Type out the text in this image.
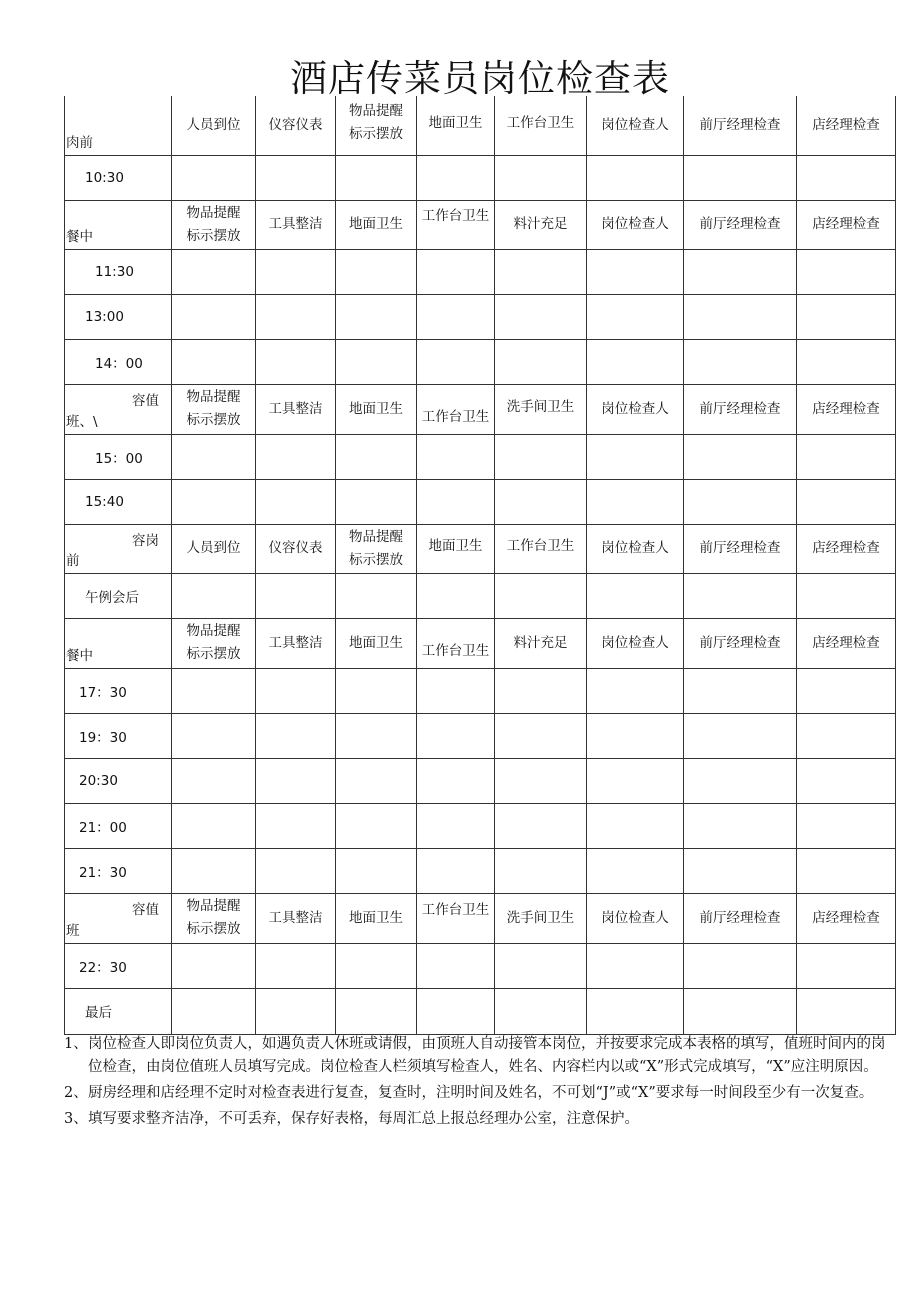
酒店传菜员岗位检查表
肉前	人员到位	仪容仪表	物品提醒
标示摆放	地面卫生	工作台卫生	岗位检查人	前厅经理检查	店经理检查

10:30								

餐中	物品提醒
标示摆放	工具整洁	地面卫生	工作台卫生	料汁充足	岗位检查人	前厅经理检查	店经理检查

11:30								

13:00								

14：00								

容值
班、\	物品提醒
标示摆放	工具整洁	地面卫生	工作台卫生	洗手间卫生	岗位检查人	前厅经理检查	店经理检查

15：00								

15:40								

容岗
前	人员到位	仪容仪表	物品提醒
标示摆放	地面卫生	工作台卫生	岗位检查人	前厅经理检查	店经理检查

午例会后								

餐中	物品提醒
标示摆放	工具整洁	地面卫生	工作台卫生	料汁充足	岗位检查人	前厅经理检查	店经理检查

17：30								

19：30								

20:30								

21：00								

21：30								

容值
班	物品提醒
标示摆放	工具整洁	地面卫生	工作台卫生	洗手间卫生	岗位检查人	前厅经理检查	店经理检查

22：30								

最后								

1、 岗位检查人即岗位负责人，如遇负责人休班或请假，由顶班人自动接管本岗位，并按要求完成本表格的填写，值班时间内的岗位检查，由岗位值班人员填写完成。岗位检查人栏须填写检查人，姓名、内容栏内以或“X”形式完成填写，“X”应注明原因。
2、 厨房经理和店经理不定时对检查表进行复查，复查时，注明时间及姓名，不可划“J”或“X”要求每一时间段至少有一次复查。
3、 填写要求整齐洁净，不可丢弃，保存好表格，每周汇总上报总经理办公室，注意保护。
